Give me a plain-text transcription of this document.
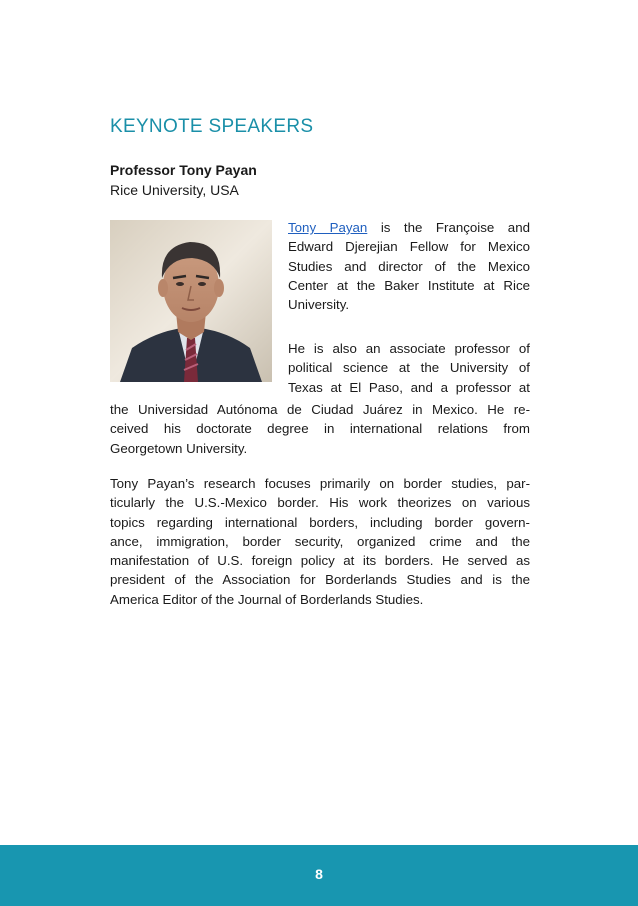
KEYNOTE SPEAKERS
Professor Tony Payan
Rice University, USA
Tony Payan is the Françoise and
Edward Djerejian Fellow for Mexico
Studies and director of the Mexico
Center at the Baker Institute at Rice
University.
He is also an associate professor of
political science at the University of
Texas at El Paso, and a professor at
the Universidad Autónoma de Ciudad Juárez in Mexico. He re-
ceived his doctorate degree in international relations from
Georgetown University.
Tony Payan’s research focuses primarily on border studies, par-
ticularly the U.S.-Mexico border. His work theorizes on various
topics regarding international borders, including border govern-
ance, immigration, border security, organized crime and the
manifestation of U.S. foreign policy at its borders. He served as
president of the Association for Borderlands Studies and is the
America Editor of the Journal of Borderlands Studies.
8
